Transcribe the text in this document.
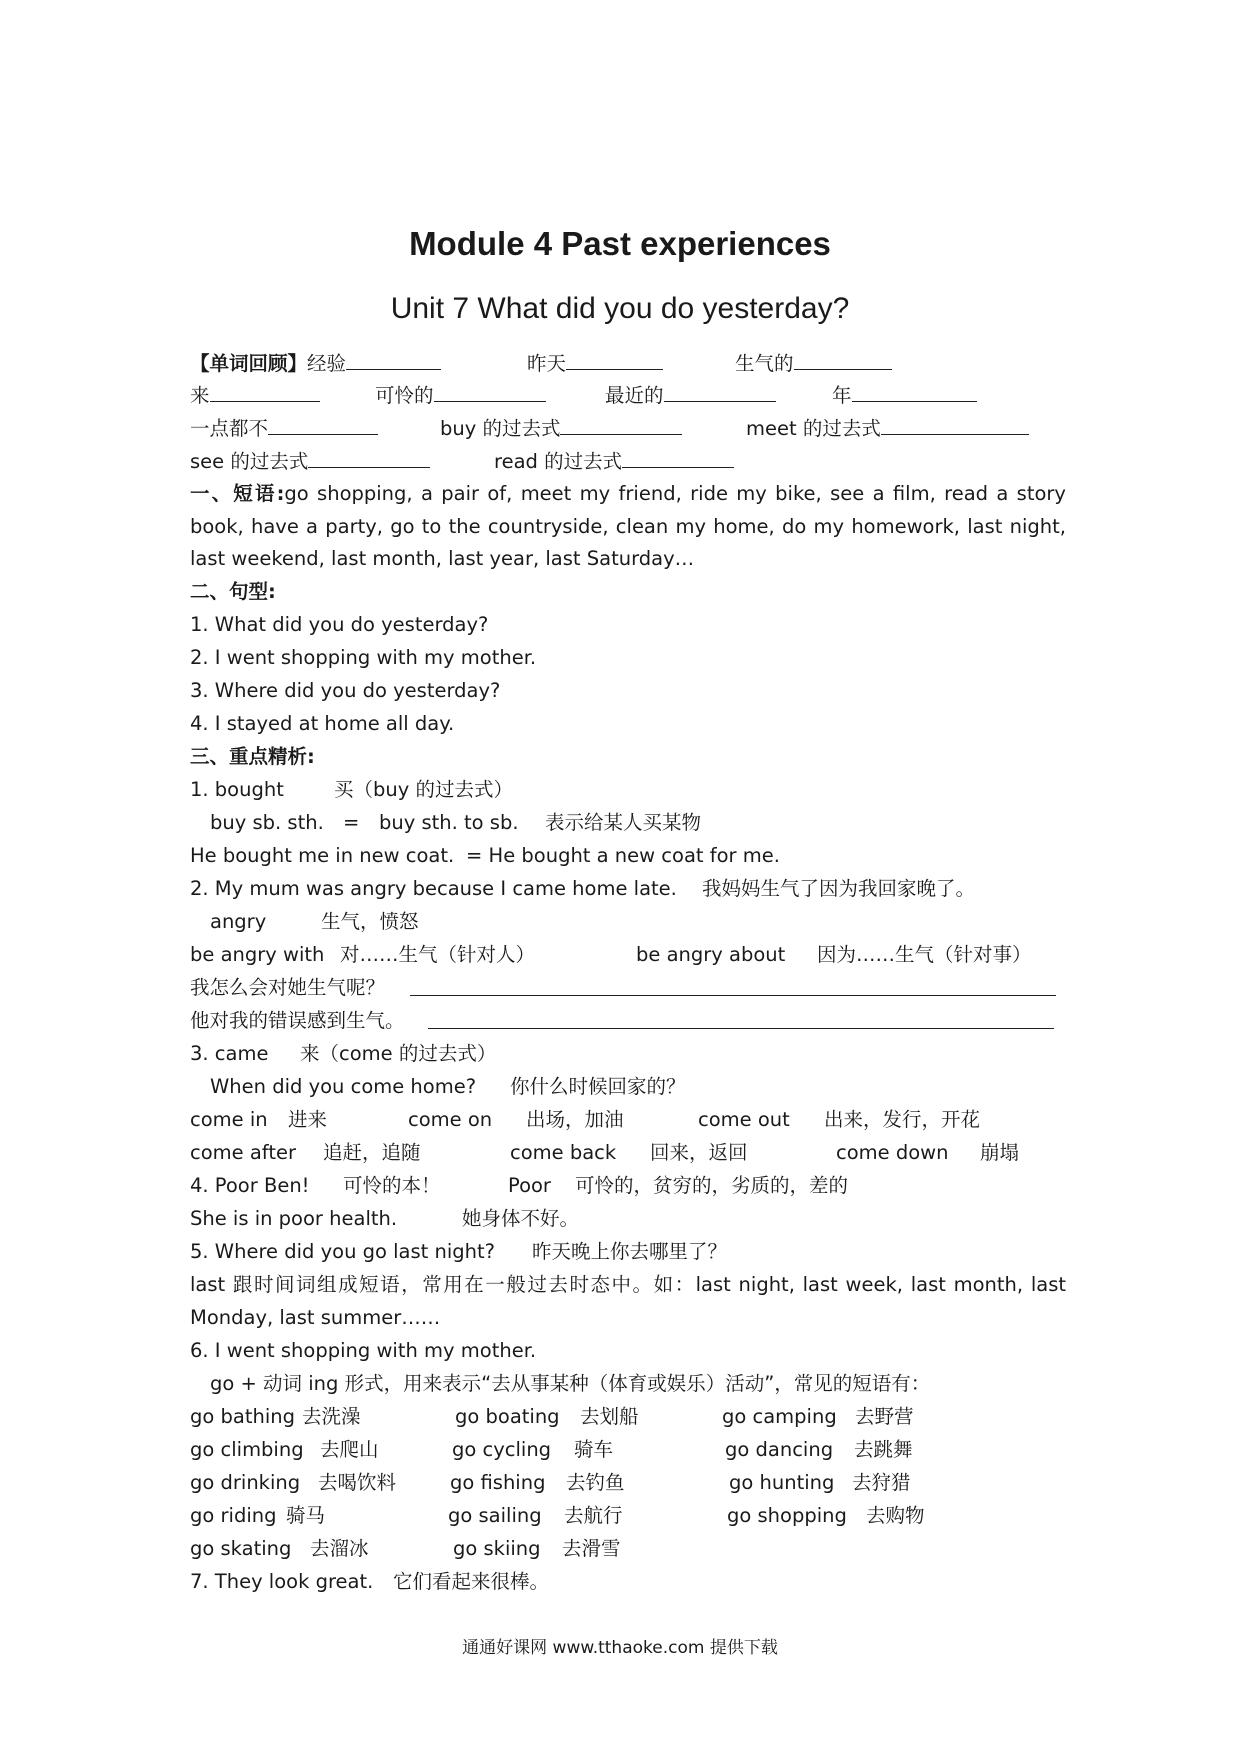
Module 4 Past experiences
Unit 7 What did you do yesterday?
【单词回顾】经验	昨天	生气的
来	可怜的	最近的	年
一点都不	buy 的过去式	meet 的过去式
see 的过去式	read 的过去式
一、短语:go shopping, a pair of, meet my friend, ride my bike, see a film, read a story book, have a party, go to the countryside, clean my home, do my homework, last night, last weekend, last month, last year, last Saturday…
二、句型:
1. What did you do yesterday?
2. I went shopping with my mother.
3. Where did you do yesterday?
4. I stayed at home all day.
三、重点精析:
1. bought	买（buy 的过去式）
buy sb. sth. = buy sth. to sb. 表示给某人买某物
He bought me in new coat. = He bought a new coat for me.
2. My mum was angry because I came home late. 我妈妈生气了因为我回家晚了。
angry	生气，愤怒
be angry with 对……生气（针对人）	be angry about 因为……生气（针对事）
我怎么会对她生气呢？
他对我的错误感到生气。
3. came 来（come 的过去式）
When did you come home? 你什么时候回家的？
come in 进来	come on 出场，加油	come out 出来，发行，开花
come after 追赶，追随	come back 回来，返回	come down 崩塌
4. Poor Ben! 可怜的本！	Poor 可怜的，贫穷的，劣质的，差的
She is in poor health.	她身体不好。
5. Where did you go last night? 昨天晚上你去哪里了？
last 跟时间词组成短语，常用在一般过去时态中。如：last night, last week, last month, last Monday, last summer……
6. I went shopping with my mother.
go + 动词 ing 形式，用来表示“去从事某种（体育或娱乐）活动”，常见的短语有：
go bathing 去洗澡	go boating 去划船	go camping 去野营
go climbing 去爬山	go cycling 骑车	go dancing 去跳舞
go drinking 去喝饮料	go fishing 去钓鱼	go hunting 去狩猎
go riding 骑马	go sailing 去航行	go shopping 去购物
go skating 去溜冰	go skiing 去滑雪
7. They look great. 它们看起来很棒。
通通好课网 www.tthaoke.com 提供下载
